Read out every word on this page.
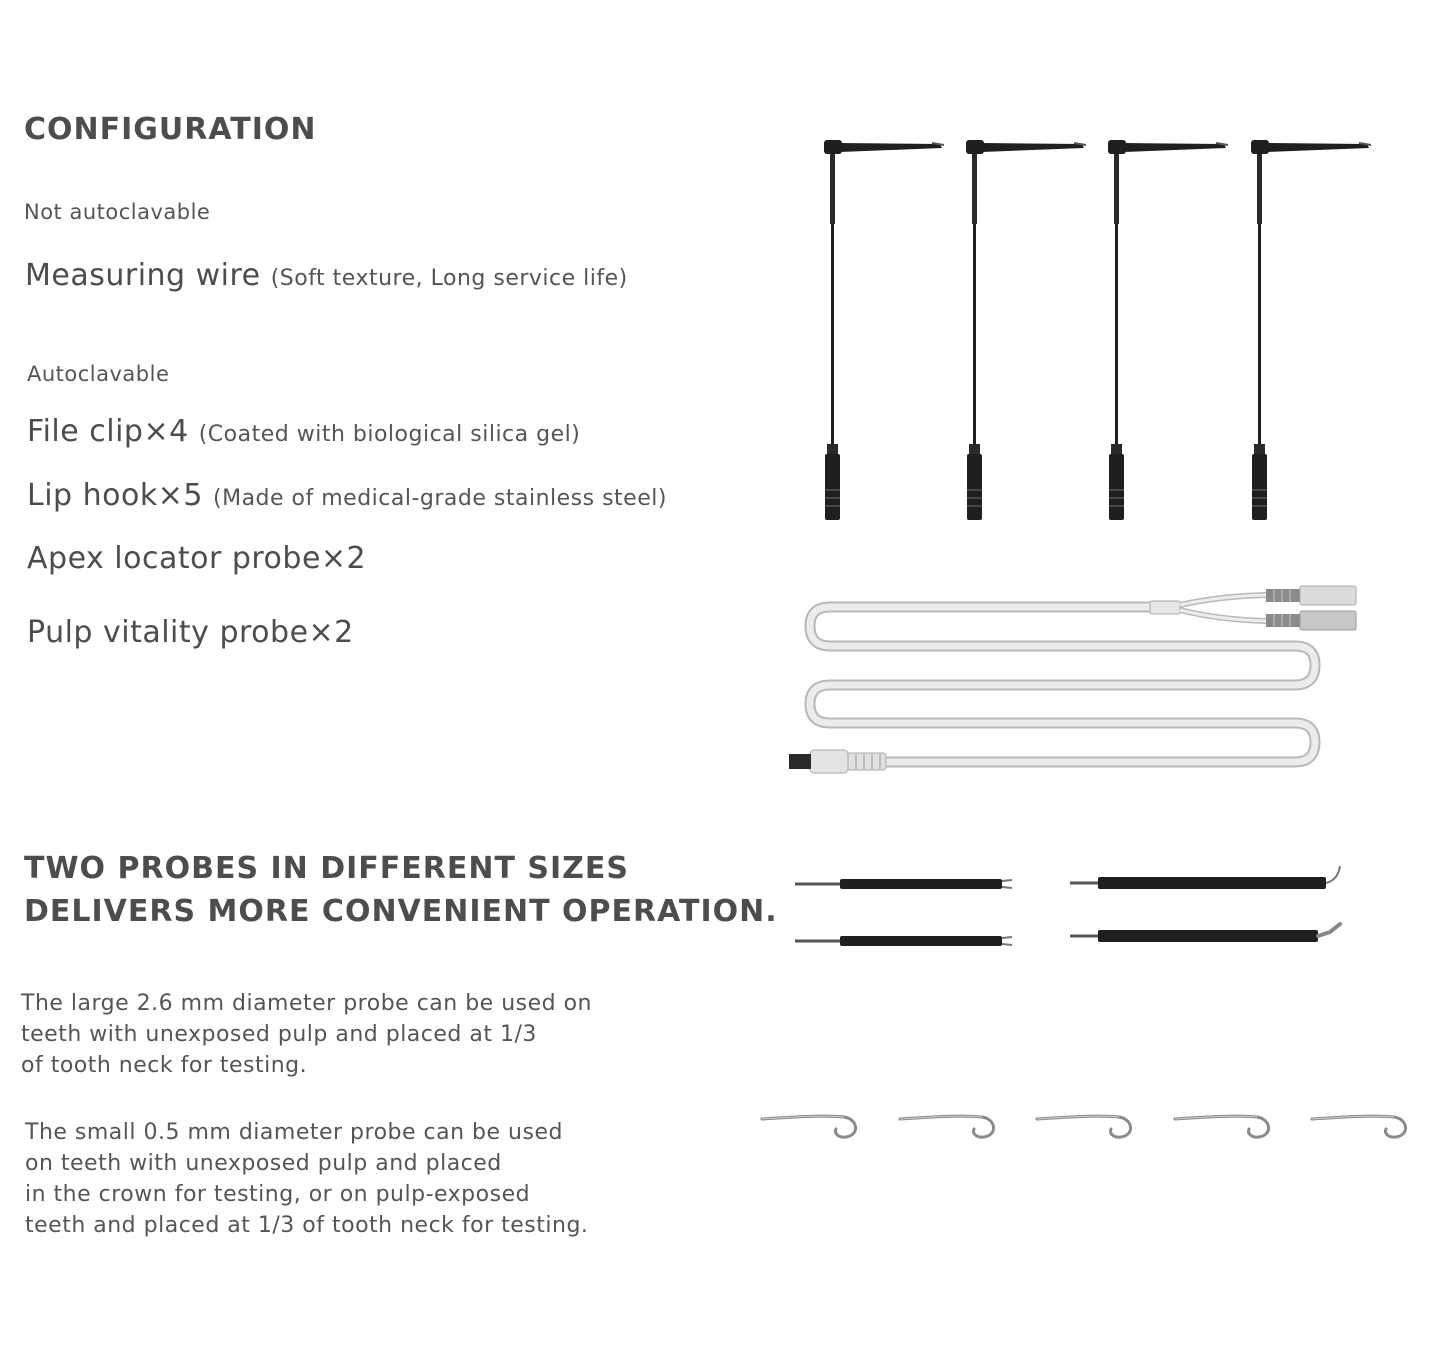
CONFIGURATION
Not autoclavable
Measuring wire (Soft texture, Long service life)
Autoclavable
File clip×4 (Coated with biological silica gel)
Lip hook×5 (Made of medical-grade stainless steel)
Apex locator probe×2
Pulp vitality probe×2
TWO PROBES IN DIFFERENT SIZES
DELIVERS MORE CONVENIENT OPERATION.
The large 2.6 mm diameter probe can be used on
teeth with unexposed pulp and placed at 1/3
of tooth neck for testing.
The small 0.5 mm diameter probe can be used
on teeth with unexposed pulp and placed
in the crown for testing, or on pulp-exposed
teeth and placed at 1/3 of tooth neck for testing.
